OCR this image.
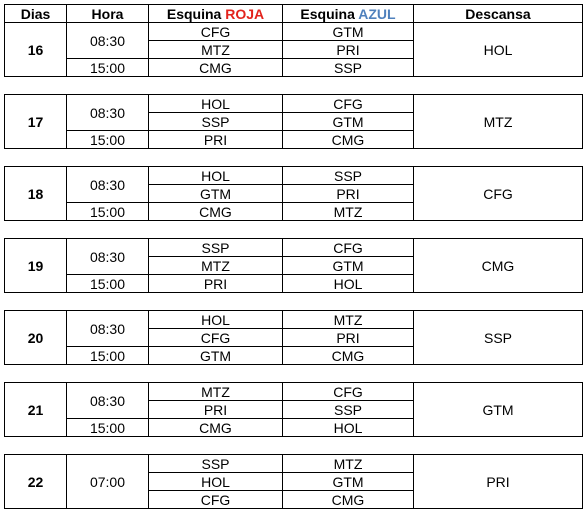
Dias	Hora	Esquina ROJA	Esquina AZUL	Descansa
16	08:30	CFG	GTM	HOL
		MTZ	PRI	
	15:00	CMG	SSP	
17	08:30	HOL	CFG	MTZ
		SSP	GTM	
	15:00	PRI	CMG	
18	08:30	HOL	SSP	CFG
		GTM	PRI	
	15:00	CMG	MTZ	
19	08:30	SSP	CFG	CMG
		MTZ	GTM	
	15:00	PRI	HOL	
20	08:30	HOL	MTZ	SSP
		CFG	PRI	
	15:00	GTM	CMG	
21	08:30	MTZ	CFG	GTM
		PRI	SSP	
	15:00	CMG	HOL	
22	07:00	SSP	MTZ	PRI
		HOL	GTM	
		CFG	CMG	
